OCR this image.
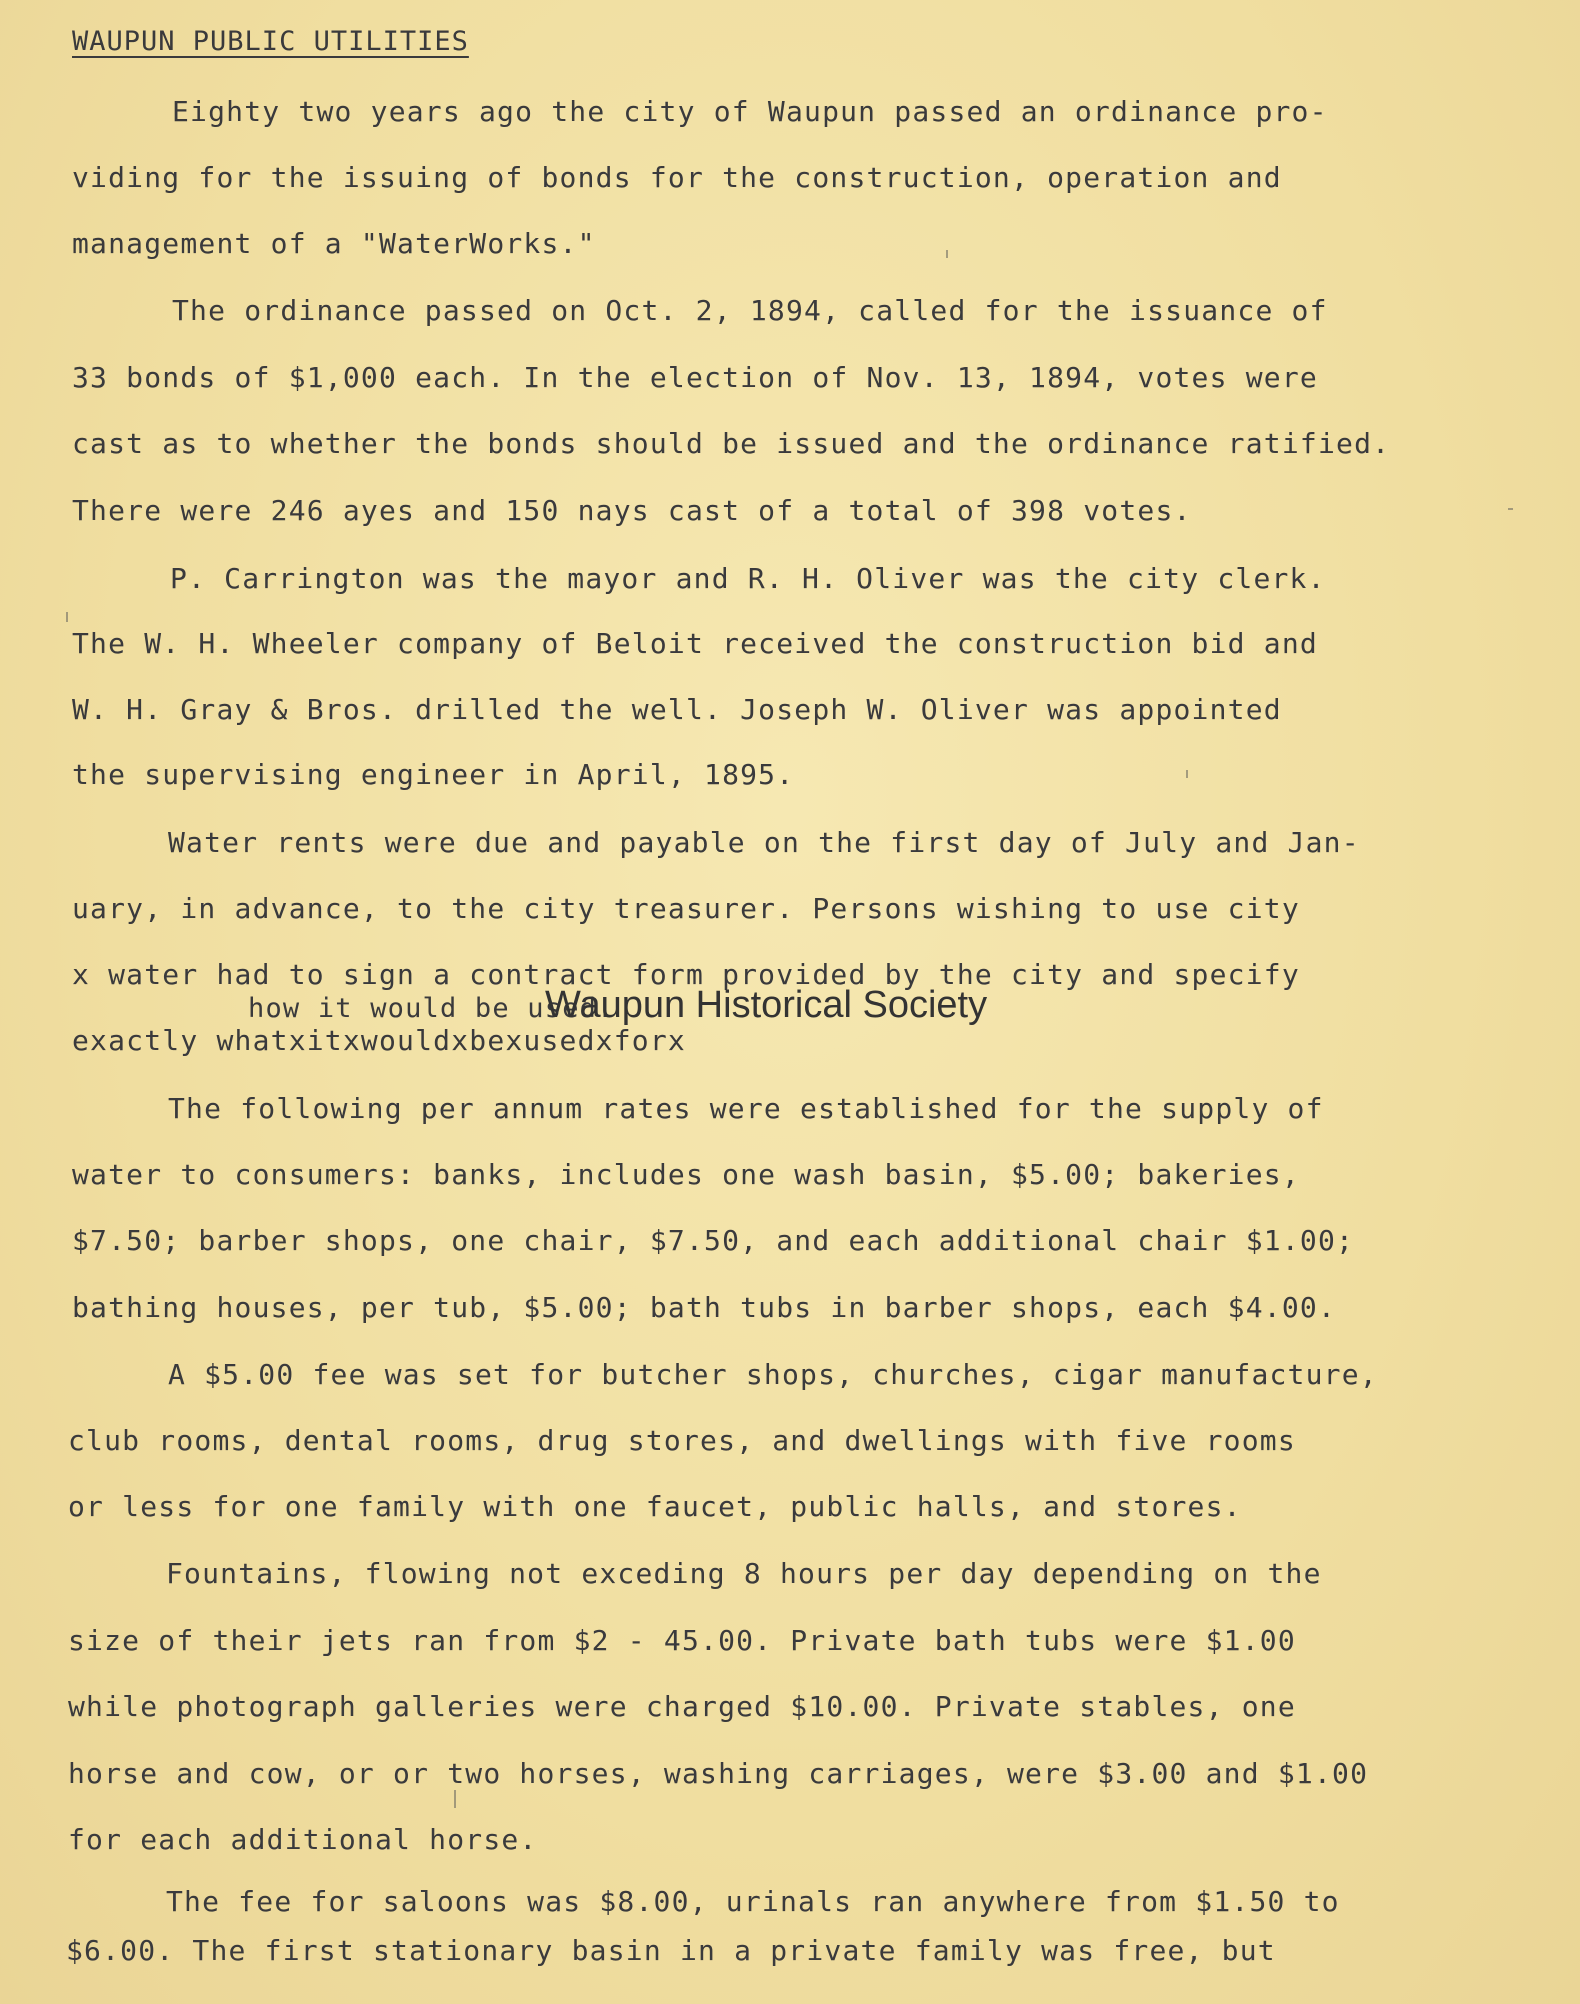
WAUPUN PUBLIC UTILITIES
Eighty two years ago the city of Waupun passed an ordinance pro-
viding for the issuing of bonds for the construction, operation and
management of a "WaterWorks."
The ordinance passed on Oct. 2, 1894, called for the issuance of
33 bonds of $1,000 each. In the election of Nov. 13, 1894, votes were
cast as to whether the bonds should be issued and the ordinance ratified.
There were 246 ayes and 150 nays cast of a total of 398 votes.
P. Carrington was the mayor and R. H. Oliver was the city clerk.
The W. H. Wheeler company of Beloit received the construction bid and
W. H. Gray & Bros. drilled the well. Joseph W. Oliver was appointed
the supervising engineer in April, 1895.
Water rents were due and payable on the first day of July and Jan-
uary, in advance, to the city treasurer. Persons wishing to use city
x water had to sign a contract form provided by the city and specify
how it would be used.
exactly whatxitxwouldxbexusedxforx
The following per annum rates were established for the supply of
water to consumers: banks, includes one wash basin, $5.00; bakeries,
$7.50; barber shops, one chair, $7.50, and each additional chair $1.00;
bathing houses, per tub, $5.00; bath tubs in barber shops, each $4.00.
A $5.00 fee was set for butcher shops, churches, cigar manufacture,
club rooms, dental rooms, drug stores, and dwellings with five rooms
or less for one family with one faucet, public halls, and stores.
Fountains, flowing not exceding 8 hours per day depending on the
size of their jets ran from $2 - 45.00. Private bath tubs were $1.00
while photograph galleries were charged $10.00. Private stables, one
horse and cow, or or two horses, washing carriages, were $3.00 and $1.00
for each additional horse.
The fee for saloons was $8.00, urinals ran anywhere from $1.50 to
$6.00. The first stationary basin in a private family was free, but
Waupun Historical Society
